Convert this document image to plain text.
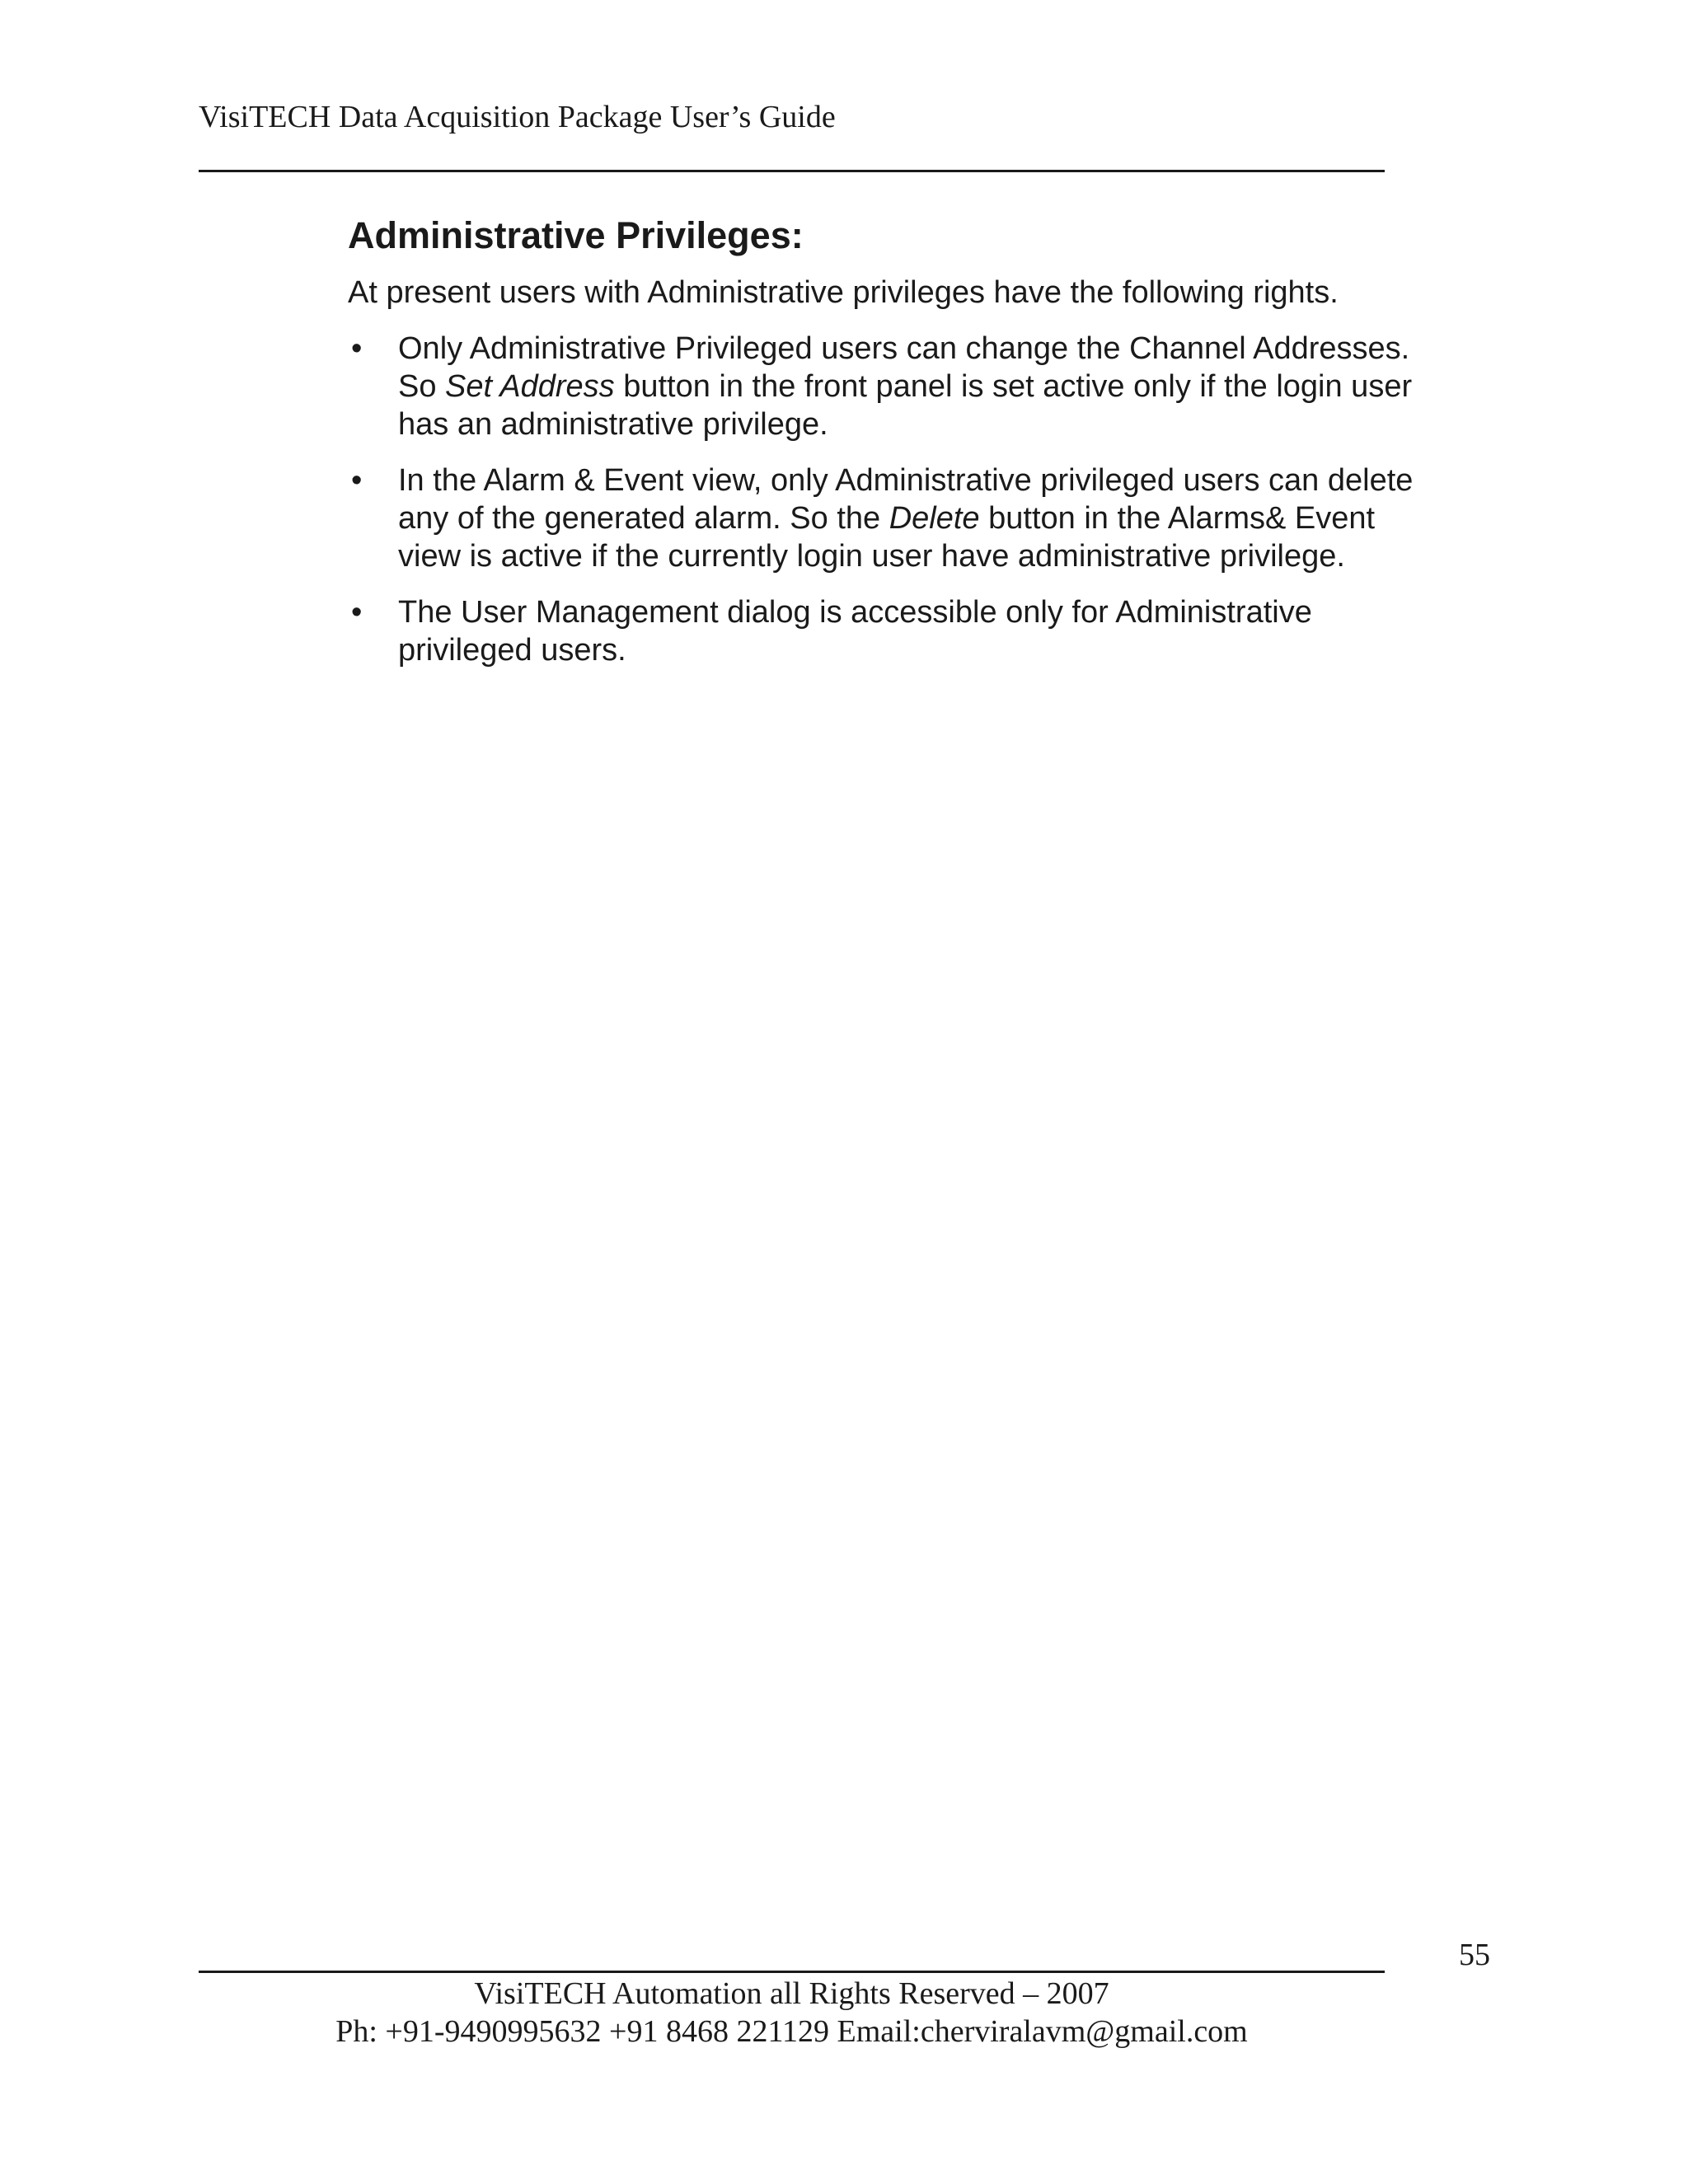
VisiTECH Data Acquisition Package User’s Guide
Administrative Privileges:

At present users with Administrative privileges have the following rights.

• Only Administrative Privileged users can change the Channel Addresses.
So Set Address button in the front panel is set active only if the login user
has an administrative privilege.
• In the Alarm & Event view, only Administrative privileged users can delete
any of the generated alarm. So the Delete button in the Alarms& Event
view is active if the currently login user have administrative privilege.
• The User Management dialog is accessible only for Administrative
privileged users.
55
VisiTECH Automation all Rights Reserved – 2007
Ph: +91-9490995632 +91 8468 221129 Email:cherviralavm@gmail.com
